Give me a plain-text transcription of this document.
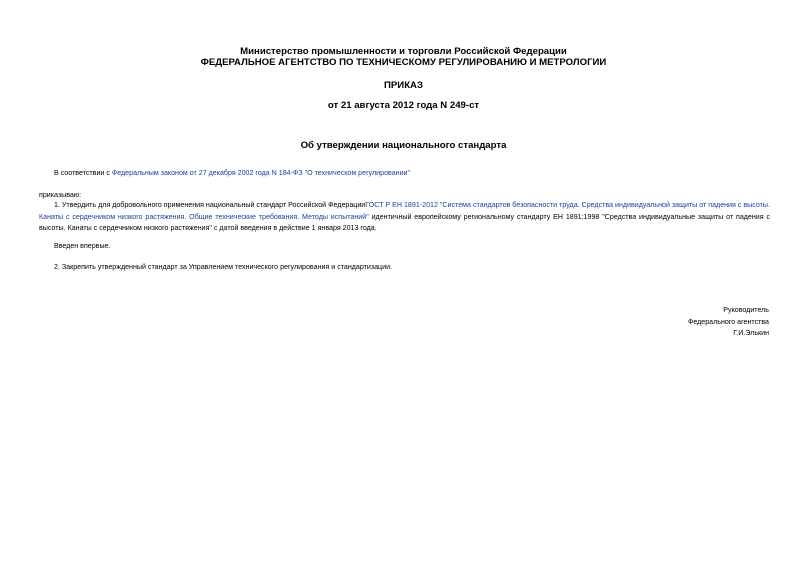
Министерство промышленности и торговли Российской Федерации
ФЕДЕРАЛЬНОЕ АГЕНТСТВО ПО ТЕХНИЧЕСКОМУ РЕГУЛИРОВАНИЮ И МЕТРОЛОГИИ
ПРИКАЗ
от 21 августа 2012 года N 249-ст
Об утверждении национального стандарта
В соответствии с Федеральным законом от 27 декабря 2002 года N 184-ФЗ "О техническом регулировании"
приказываю:
1. Утвердить для добровольного применения национальный стандарт Российской ФедерацииГОСТ Р ЕН 1891-2012 "Система стандартов безопасности труда. Средства индивидуальной защиты от падения с высоты. Канаты с сердечником низкого растяжения. Общие технические требования. Методы испытаний" идентичный европейскому региональному стандарту ЕН 1891:1998 "Средства индивидуальные защиты от падения с высоты. Канаты с сердечником низкого растяжения" с датой введения в действие 1 января 2013 года.
Введен впервые.
2. Закрепить утвержденный стандарт за Управлением технического регулирования и стандартизации.
Руководитель
Федерального агентства
Г.И.Элькин
